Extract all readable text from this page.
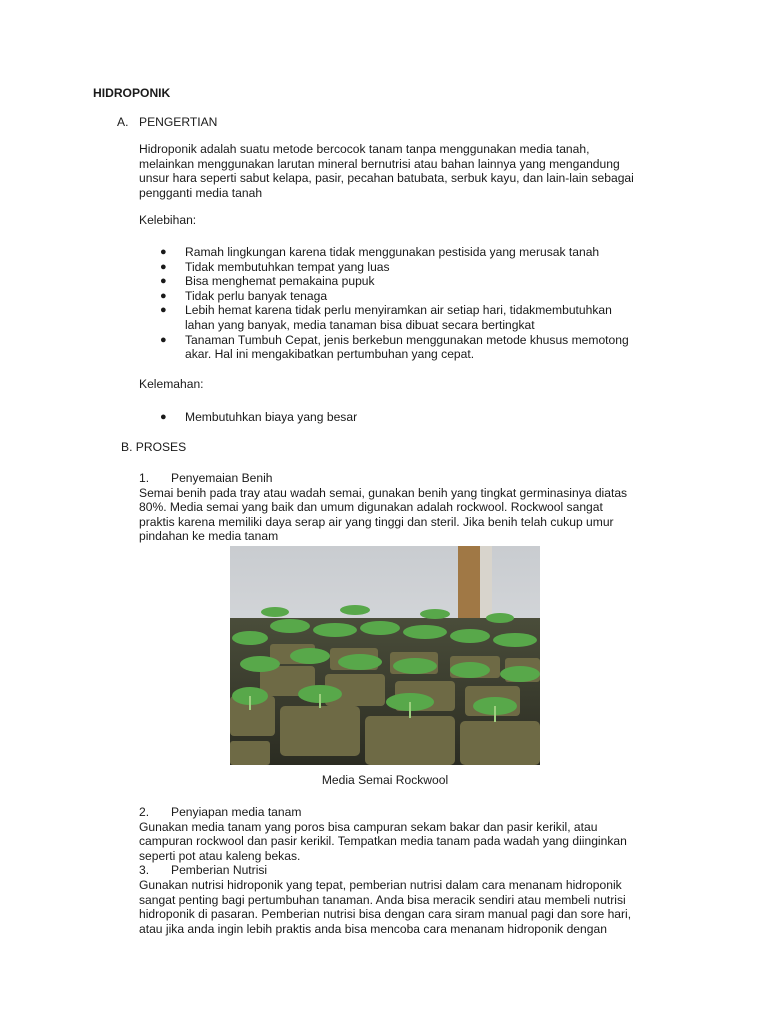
HIDROPONIK
A. PENGERTIAN
Hidroponik adalah suatu metode bercocok tanam tanpa menggunakan media tanah,
melainkan menggunakan larutan mineral bernutrisi atau bahan lainnya yang mengandung
unsur hara seperti sabut kelapa, pasir, pecahan batubata, serbuk kayu, dan lain-lain sebagai
pengganti media tanah
Kelebihan:
● Ramah lingkungan karena tidak menggunakan pestisida yang merusak tanah
● Tidak membutuhkan tempat yang luas
● Bisa menghemat pemakaina pupuk
● Tidak perlu banyak tenaga
● Lebih hemat karena tidak perlu menyiramkan air setiap hari, tidakmembutuhkan
lahan yang banyak, media tanaman bisa dibuat secara bertingkat
● Tanaman Tumbuh Cepat, jenis berkebun menggunakan metode khusus memotong
akar. Hal ini mengakibatkan pertumbuhan yang cepat.
Kelemahan:
● Membutuhkan biaya yang besar
B. PROSES
1. Penyemaian Benih
Semai benih pada tray atau wadah semai, gunakan benih yang tingkat germinasinya diatas
80%. Media semai yang baik dan umum digunakan adalah rockwool. Rockwool sangat
praktis karena memiliki daya serap air yang tinggi dan steril. Jika benih telah cukup umur
pindahan ke media tanam
Media Semai Rockwool
2. Penyiapan media tanam
Gunakan media tanam yang poros bisa campuran sekam bakar dan pasir kerikil, atau
campuran rockwool dan pasir kerikil. Tempatkan media tanam pada wadah yang diinginkan
seperti pot atau kaleng bekas.
3. Pemberian Nutrisi
Gunakan nutrisi hidroponik yang tepat, pemberian nutrisi dalam cara menanam hidroponik
sangat penting bagi pertumbuhan tanaman. Anda bisa meracik sendiri atau membeli nutrisi
hidroponik di pasaran. Pemberian nutrisi bisa dengan cara siram manual pagi dan sore hari,
atau jika anda ingin lebih praktis anda bisa mencoba cara menanam hidroponik dengan
